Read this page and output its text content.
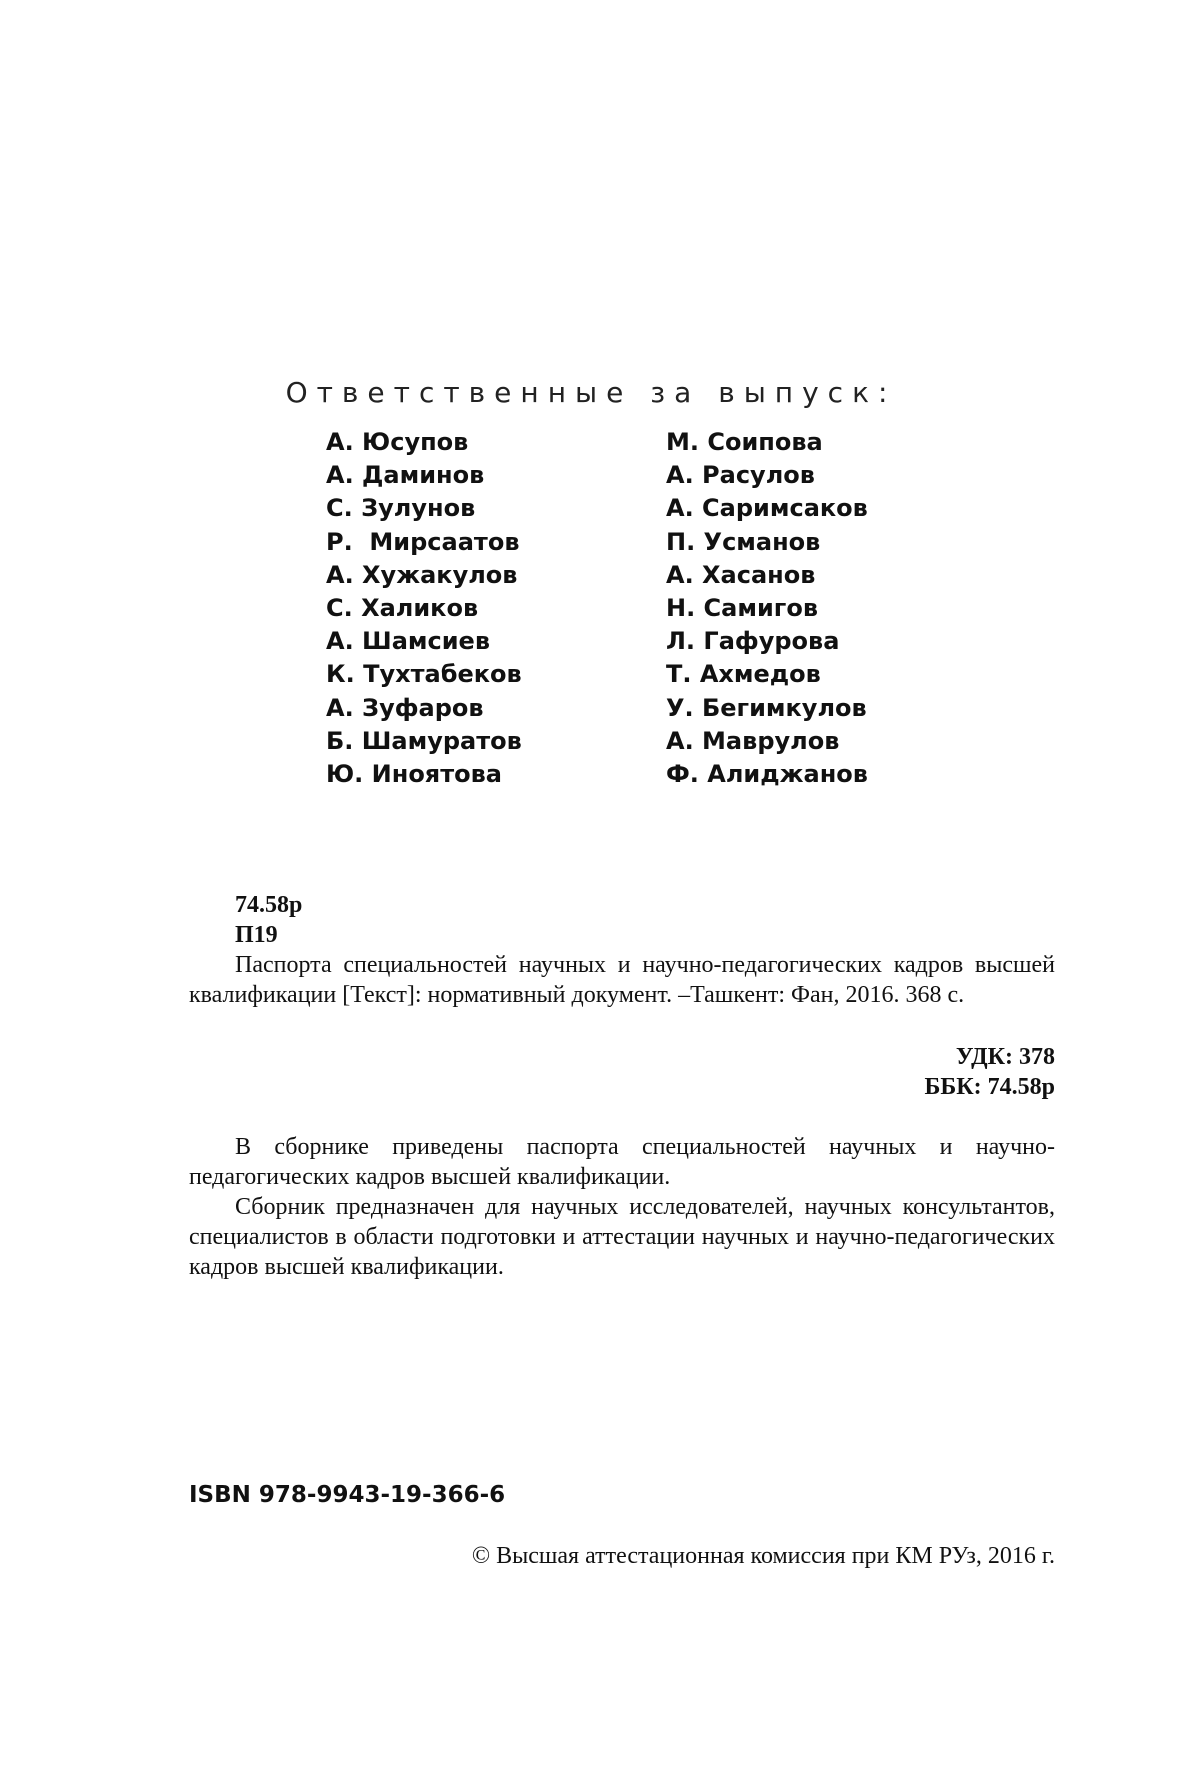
Ответственные за выпуск:
А. Юсупов
А. Даминов
С. Зулунов
Р.  Мирсаатов
А. Хужакулов
С. Халиков
А. Шамсиев
К. Тухтабеков
А. Зуфаров
Б. Шамуратов
Ю. Иноятова
М. Соипова
А. Расулов
А. Саримсаков
П. Усманов
А. Хасанов
Н. Самигов
Л. Гафурова
Т. Ахмедов
У. Бегимкулов
А. Маврулов
Ф. Алиджанов
74.58р
П19

Паспорта специальностей научных и научно-педагогических кадров высшей квалификации [Текст]: нормативный документ. –Ташкент: Фан, 2016. 368 с.

УДК: 378
ББК: 74.58р

В сборнике приведены паспорта специальностей научных и научно-педагогических кадров высшей квалификации.

Сборник предназначен для научных исследователей, научных консультантов, специалистов в области подготовки и аттестации научных и научно-педагогических кадров высшей квалификации.

ISBN 978-9943-19-366-6
© Высшая аттестационная комиссия при КМ РУз, 2016 г.
